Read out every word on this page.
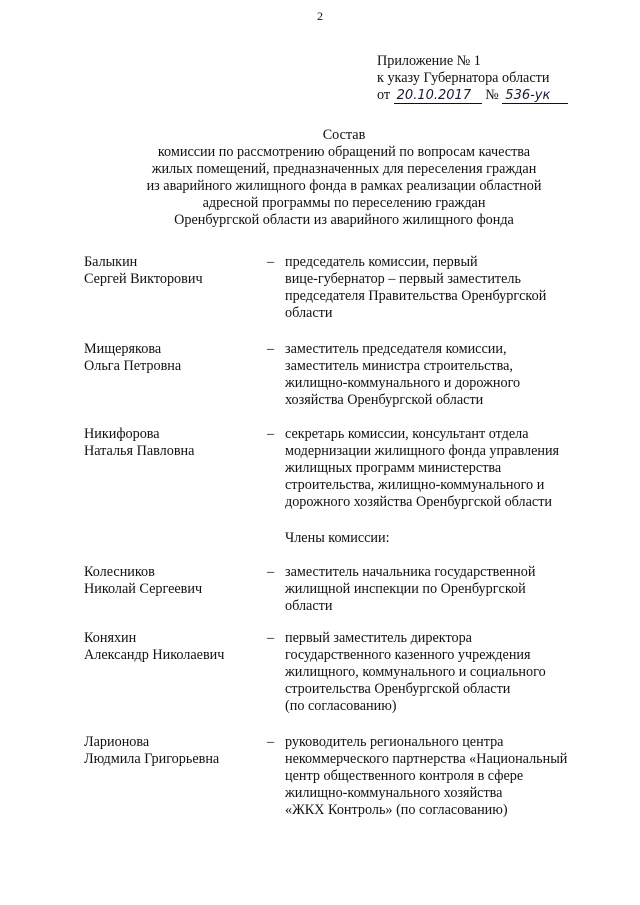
2
Приложение № 1
к указу Губернатора области
от 20.10.2017 № 536-ук
Состав
комиссии по рассмотрению обращений по вопросам качества
жилых помещений, предназначенных для переселения граждан
из аварийного жилищного фонда в рамках реализации областной
адресной программы по переселению граждан
Оренбургской области из аварийного жилищного фонда
Балыкин
Сергей Викторович
– председатель комиссии, первый
вице-губернатор – первый заместитель
председателя Правительства Оренбургской
области
Мищерякова
Ольга Петровна
– заместитель председателя комиссии,
заместитель министра строительства,
жилищно-коммунального и дорожного
хозяйства Оренбургской области
Никифорова
Наталья Павловна
– секретарь комиссии, консультант отдела
модернизации жилищного фонда управления
жилищных программ министерства
строительства, жилищно-коммунального и
дорожного хозяйства Оренбургской области
Члены комиссии:
Колесников
Николай Сергеевич
– заместитель начальника государственной
жилищной инспекции по Оренбургской
области
Коняхин
Александр Николаевич
– первый заместитель директора
государственного казенного учреждения
жилищного, коммунального и социального
строительства Оренбургской области
(по согласованию)
Ларионова
Людмила Григорьевна
– руководитель регионального центра
некоммерческого партнерства «Национальный
центр общественного контроля в сфере
жилищно-коммунального хозяйства
«ЖКХ Контроль» (по согласованию)
